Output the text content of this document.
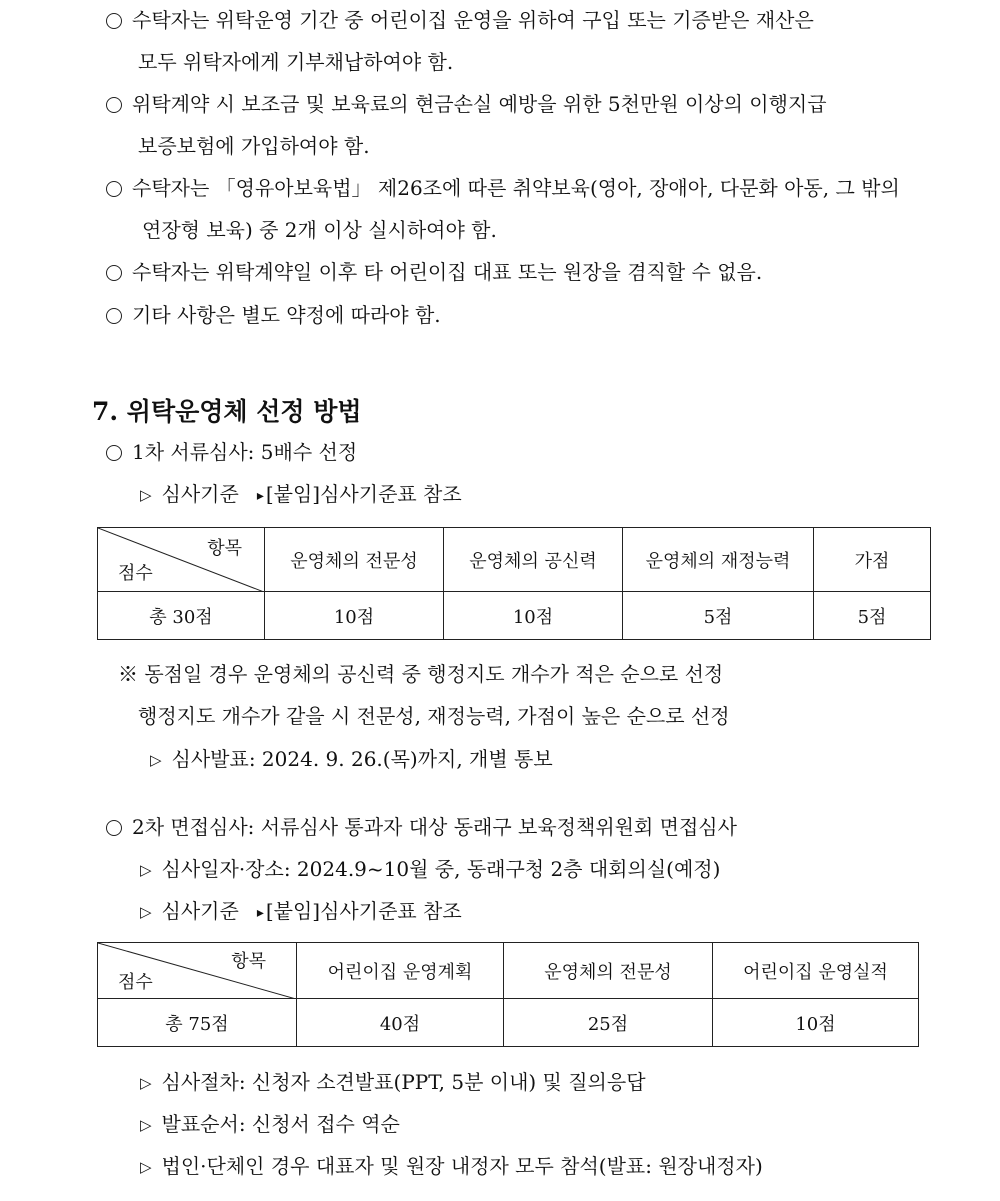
수탁자는 위탁운영 기간 중 어린이집 운영을 위하여 구입 또는 기증받은 재산은
모두 위탁자에게 기부채납하여야 함.
위탁계약 시 보조금 및 보육료의 현금손실 예방을 위한 5천만원 이상의 이행지급
보증보험에 가입하여야 함.
수탁자는 「영유아보육법」 제26조에 따른 취약보육(영아, 장애아, 다문화 아동, 그 밖의
연장형 보육) 중 2개 이상 실시하여야 함.
수탁자는 위탁계약일 이후 타 어린이집 대표 또는 원장을 겸직할 수 없음.
기타 사항은 별도 약정에 따라야 함.
7. 위탁운영체 선정 방법
1차 서류심사: 5배수 선정
▷ 심사기준 ▸ [붙임]심사기준표 참조
항목
점수	운영체의 전문성	운영체의 공신력	운영체의 재정능력	가점
총 30점	10점	10점	5점	5점
※ 동점일 경우 운영체의 공신력 중 행정지도 개수가 적은 순으로 선정
행정지도 개수가 같을 시 전문성, 재정능력, 가점이 높은 순으로 선정
▷ 심사발표: 2024. 9. 26.(목)까지, 개별 통보
2차 면접심사: 서류심사 통과자 대상 동래구 보육정책위원회 면접심사
▷ 심사일자·장소: 2024.9~10월 중, 동래구청 2층 대회의실(예정)
▷ 심사기준 ▸ [붙임]심사기준표 참조
항목
점수	어린이집 운영계획	운영체의 전문성	어린이집 운영실적
총 75점	40점	25점	10점
▷ 심사절차: 신청자 소견발표(PPT, 5분 이내) 및 질의응답
▷ 발표순서: 신청서 접수 역순
▷ 법인·단체인 경우 대표자 및 원장 내정자 모두 참석(발표: 원장내정자)
